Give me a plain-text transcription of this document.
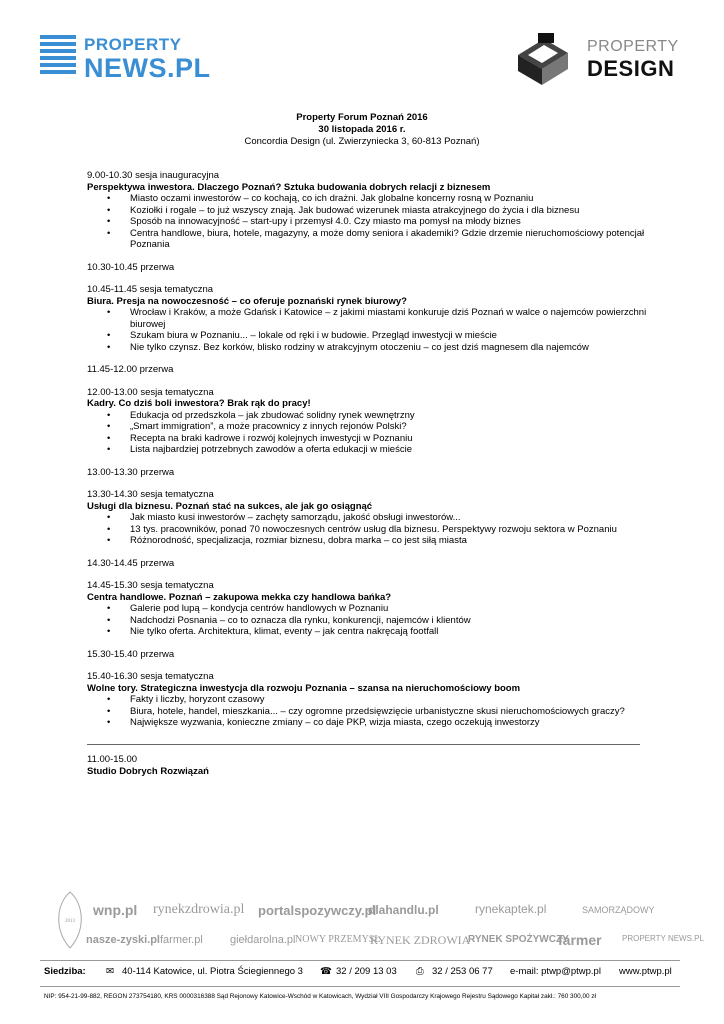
PROPERTY
NEWS.PL
PROPERTY
DESIGN
Property Forum Poznań 2016
30 listopada 2016 r.
Concordia Design (ul. Zwierzyniecka 3, 60-813 Poznań)
9.00-10.30 sesja inauguracyjna
Perspektywa inwestora. Dlaczego Poznań? Sztuka budowania dobrych relacji z biznesem
• Miasto oczami inwestorów – co kochają, co ich drażni. Jak globalne koncerny rosną w Poznaniu
• Koziołki i rogale – to już wszyscy znają. Jak budować wizerunek miasta atrakcyjnego do życia i dla biznesu
• Sposób na innowacyjność – start-upy i przemysł 4.0. Czy miasto ma pomysł na młody biznes
• Centra handlowe, biura, hotele, magazyny, a może domy seniora i akademiki? Gdzie drzemie nieruchomościowy potencjał Poznania
10.30-10.45 przerwa
10.45-11.45 sesja tematyczna
Biura. Presja na nowoczesność – co oferuje poznański rynek biurowy?
• Wrocław i Kraków, a może Gdańsk i Katowice – z jakimi miastami konkuruje dziś Poznań w walce o najemców powierzchni biurowej
• Szukam biura w Poznaniu... – lokale od ręki i w budowie. Przegląd inwestycji w mieście
• Nie tylko czynsz. Bez korków, blisko rodziny w atrakcyjnym otoczeniu – co jest dziś magnesem dla najemców
11.45-12.00 przerwa
12.00-13.00 sesja tematyczna
Kadry. Co dziś boli inwestora? Brak rąk do pracy!
• Edukacja od przedszkola – jak zbudować solidny rynek wewnętrzny
• „Smart immigration”, a może pracownicy z innych rejonów Polski?
• Recepta na braki kadrowe i rozwój kolejnych inwestycji w Poznaniu
• Lista najbardziej potrzebnych zawodów a oferta edukacji w mieście
13.00-13.30 przerwa
13.30-14.30 sesja tematyczna
Usługi dla biznesu. Poznań stać na sukces, ale jak go osiągnąć
• Jak miasto kusi inwestorów – zachęty samorządu, jakość obsługi inwestorów...
• 13 tys. pracowników, ponad 70 nowoczesnych centrów usług dla biznesu. Perspektywy rozwoju sektora w Poznaniu
• Różnorodność, specjalizacja, rozmiar biznesu, dobra marka – co jest siłą miasta
14.30-14.45 przerwa
14.45-15.30 sesja tematyczna
Centra handlowe. Poznań – zakupowa mekka czy handlowa bańka?
• Galerie pod lupą – kondycja centrów handlowych w Poznaniu
• Nadchodzi Posnania – co to oznacza dla rynku, konkurencji, najemców i klientów
• Nie tylko oferta. Architektura, klimat, eventy – jak centra nakręcają footfall
15.30-15.40 przerwa
15.40-16.30 sesja tematyczna
Wolne tory. Strategiczna inwestycja dla rozwoju Poznania – szansa na nieruchomościowy boom
• Fakty i liczby, horyzont czasowy
• Biura, hotele, handel, mieszkania... – czy ogromne przedsięwzięcie urbanistyczne skusi nieruchomościowych graczy?
• Największe wyzwania, konieczne zmiany – co daje PKP, wizja miasta, czego oczekują inwestorzy
11.00-15.00
Studio Dobrych Rozwiązań
2013
wnp.pl rynekzdrowia.pl portalspozywczy.pl
dlahandlu.pl	rynekaptek.pl	SAMORZĄDOWY
nasze-zyski.pl farmer.pl giełdarolna.pl NOWY PRZEMYSŁ
RYNEK ZDROWIA
RYNEK SPOŻYWCZY
farmer	PROPERTY NEWS.PL
Siedziba: ✉ 40-114 Katowice, ul. Piotra Ściegiennego 3 ☎ 32 / 209 13 03 ⎙ 32 / 253 06 77 e-mail: ptwp@ptwp.pl www.ptwp.pl
NIP: 954-21-99-882, REGON 273754180, KRS 0000316388 Sąd Rejonowy Katowice-Wschód w Katowicach, Wydział VIII Gospodarczy Krajowego Rejestru Sądowego Kapitał zakł.: 760 300,00 zł
